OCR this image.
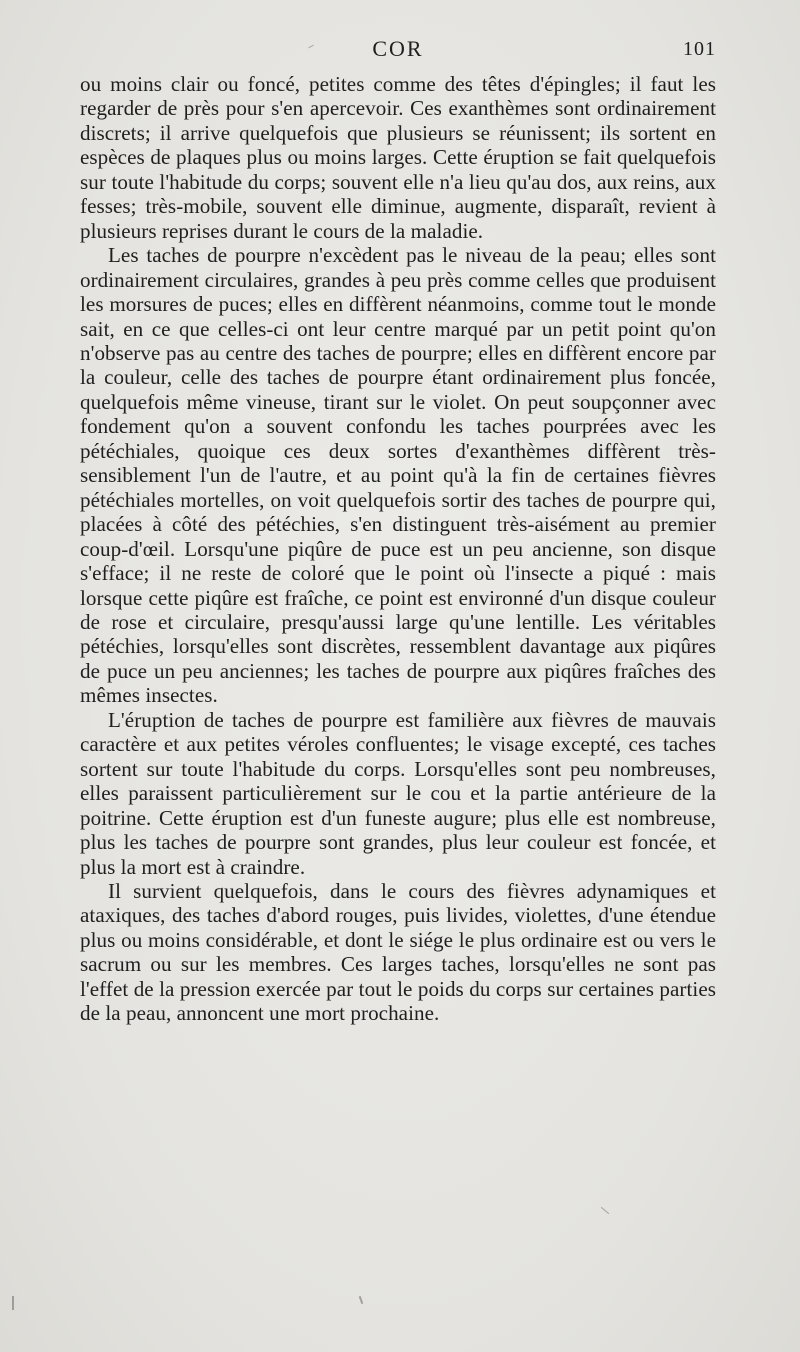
COR	101

ou moins clair ou foncé, petites comme des têtes d'épingles; il faut les regarder de près pour s'en apercevoir. Ces exanthèmes sont ordinairement discrets; il arrive quelquefois que plusieurs se réunissent; ils sortent en espèces de plaques plus ou moins larges. Cette éruption se fait quelquefois sur toute l'habitude du corps; souvent elle n'a lieu qu'au dos, aux reins, aux fesses; très-mobile, souvent elle diminue, augmente, disparaît, revient à plusieurs reprises durant le cours de la maladie.

Les taches de pourpre n'excèdent pas le niveau de la peau; elles sont ordinairement circulaires, grandes à peu près comme celles que produisent les morsures de puces; elles en diffèrent néanmoins, comme tout le monde sait, en ce que celles-ci ont leur centre marqué par un petit point qu'on n'observe pas au centre des taches de pourpre; elles en diffèrent encore par la couleur, celle des taches de pourpre étant ordinairement plus foncée, quelquefois même vineuse, tirant sur le violet. On peut soupçonner avec fondement qu'on a souvent confondu les taches pourprées avec les pétéchiales, quoique ces deux sortes d'exanthèmes diffèrent très-sensiblement l'un de l'autre, et au point qu'à la fin de certaines fièvres pétéchiales mortelles, on voit quelquefois sortir des taches de pourpre qui, placées à côté des pétéchies, s'en distinguent très-aisément au premier coup-d'œil. Lorsqu'une piqûre de puce est un peu ancienne, son disque s'efface; il ne reste de coloré que le point où l'insecte a piqué : mais lorsque cette piqûre est fraîche, ce point est environné d'un disque couleur de rose et circulaire, presqu'aussi large qu'une lentille. Les véritables pétéchies, lorsqu'elles sont discrètes, ressemblent davantage aux piqûres de puce un peu anciennes; les taches de pourpre aux piqûres fraîches des mêmes insectes.

L'éruption de taches de pourpre est familière aux fièvres de mauvais caractère et aux petites véroles confluentes; le visage excepté, ces taches sortent sur toute l'habitude du corps. Lorsqu'elles sont peu nombreuses, elles paraissent particulièrement sur le cou et la partie antérieure de la poitrine. Cette éruption est d'un funeste augure; plus elle est nombreuse, plus les taches de pourpre sont grandes, plus leur couleur est foncée, et plus la mort est à craindre.

Il survient quelquefois, dans le cours des fièvres adynamiques et ataxiques, des taches d'abord rouges, puis livides, violettes, d'une étendue plus ou moins considérable, et dont le siége le plus ordinaire est ou vers le sacrum ou sur les membres. Ces larges taches, lorsqu'elles ne sont pas l'effet de la pression exercée par tout le poids du corps sur certaines parties de la peau, annoncent une mort prochaine.
